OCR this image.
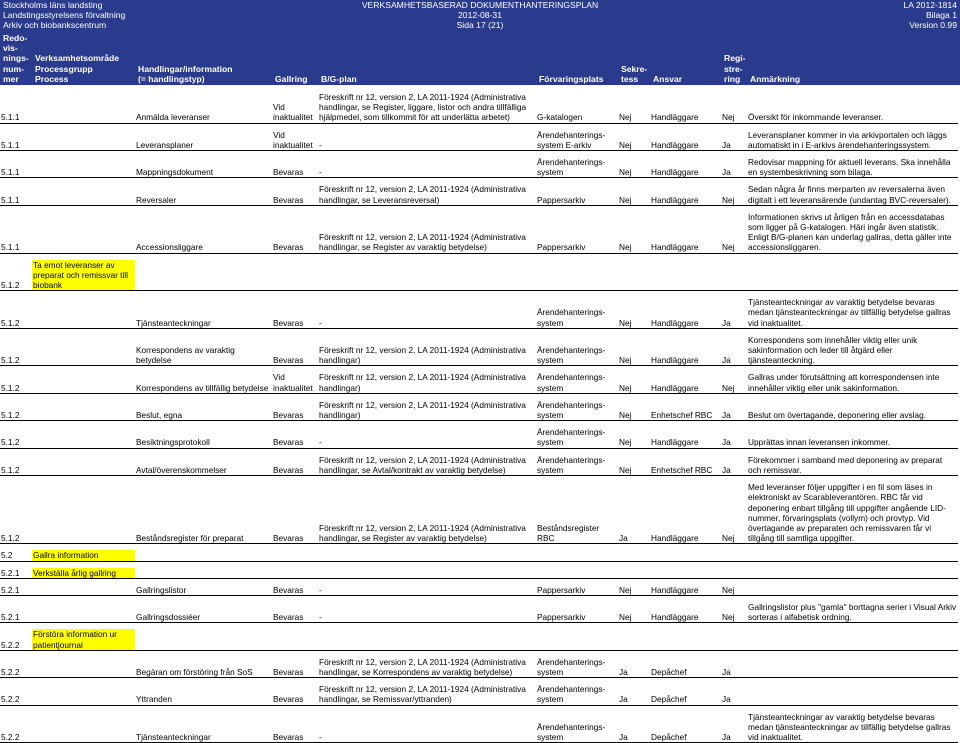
Stockholms läns landsting
Landstingsstyrelsens förvaltning
Arkiv och biobankscentrum
VERKSAMHETSBASERAD DOKUMENTHANTERINGSPLAN
2012-08-31
Sida 17 (21)
LA 2012-1814
Bilaga 1
Version 0.99
Redo-
vis-
nings-
num-
mer
Verksamhetsområde
Processgrupp
Process
Handlingar/information
(= handlingstyp)	Gallring B/G-plan	Förvaringsplats
Sekre-
tess	Ansvar
Regi-
stre-
ring	Anmärkning
5.1.1		Anmälda leveranser	Vid inaktualitet	Föreskrift nr 12, version 2, LA 2011-1924 (Administrativa handlingar, se Register, liggare, listor och andra tillfälliga hjälpmedel, som tillkommit för att underlätta arbetet)	G-katalogen	Nej	Handläggare	Nej	Översikt för inkommande leveranser.

5.1.1		Leveransplaner	Vid inaktualitet	-	Ärendehanterings-system E-arkiv	Nej	Handläggare	Ja	Leveransplaner kommer in via arkivportalen och läggs automatiskt in i E-arkivs ärendehanteringssystem.

5.1.1		Mappningsdokument	Bevaras	-	Ärendehanterings-system	Nej	Handläggare	Ja	Redovisar mappning för aktuell leverans. Ska innehålla en systembeskrivning som bilaga.

5.1.1		Reversaler	Bevaras	Föreskrift nr 12, version 2, LA 2011-1924 (Administrativa handlingar, se Leveransreversal)	Pappersarkiv	Nej	Handläggare	Nej	Sedan några år finns merparten av reversalerna även digitalt i ett leveransärende (undantag BVC-reversaler).

5.1.1		Accessionsliggare	Bevaras	Föreskrift nr 12, version 2, LA 2011-1924 (Administrativa handlingar, se Register av varaktig betydelse)	Pappersarkiv	Nej	Handläggare	Nej	Informationen skrivs ut årligen från en accessdatabas som ligger på G-katalogen. Häri ingår även statistik. Enligt B/G-planen kan underlag gallras, detta gäller inte accessionsliggaren.

5.1.2	Ta emot leveranser av preparat och remissvar till biobank								

5.1.2		Tjänsteanteckningar	Bevaras	-	Ärendehanterings-system	Nej	Handläggare	Ja	Tjänsteanteckningar av varaktig betydelse bevaras medan tjänsteanteckningar av tillfällig betydelse gallras vid inaktualitet.

5.1.2		Korrespondens av varaktig betydelse	Bevaras	Föreskrift nr 12, version 2, LA 2011-1924 (Administrativa handlingar)	Ärendehanterings-system	Nej	Handläggare	Ja	Korrespondens som innehåller viktig eller unik sakinformation och leder till åtgärd eller tjänsteanteckning.

5.1.2		Korrespondens av tillfällig betydelse	Vid inaktualitet	Föreskrift nr 12, version 2, LA 2011-1924 (Administrativa handlingar)	Ärendehanterings-system	Nej	Handläggare	Nej	Gallras under förutsättning att korrespondensen inte innehåller viktig eller unik sakinformation.

5.1.2		Beslut, egna	Bevaras	Föreskrift nr 12, version 2, LA 2011-1924 (Administrativa handlingar)	Ärendehanterings-system	Nej	Enhetschef RBC	Ja	Beslut om övertagande, deponering eller avslag.

5.1.2		Besiktningsprotokoll	Bevaras	-	Ärendehanterings-system	Nej	Handläggare	Ja	Upprättas innan leveransen inkommer.

5.1.2		Avtal/överenskommelser	Bevaras	Föreskrift nr 12, version 2, LA 2011-1924 (Administrativa handlingar, se Avtal/kontrakt av varaktig betydelse)	Ärendehanterings-system	Nej	Enhetschef RBC	Ja	Förekommer i samband med deponering av preparat och remissvar.

5.1.2		Beståndsregister för preparat	Bevaras	Föreskrift nr 12, version 2, LA 2011-1924 (Administrativa handlingar, se Register av varaktig betydelse)	Beståndsregister RBC	Ja	Handläggare	Nej	Med leveranser följer uppgifter i en fil som läses in elektroniskt av Scarableverantören. RBC får vid deponering enbart tillgång till uppgifter angående LID-nummer, förvaringsplats (vollym) och provtyp. Vid övertagande av preparaten och remissvaren får vi tillgång till samtliga uppgifter.

5.2	Gallra information								

5.2.1	Verkställa årlig gallring								

5.2.1		Gallringslistor	Bevaras	-	Pappersarkiv	Nej	Handläggare	Nej	

5.2.1		Gallringsdossiéer	Bevaras	-	Pappersarkiv	Nej	Handläggare	Nej	Gallringslistor plus "gamla" borttagna serier i Visual Arkiv sorteras i alfabetisk ordning.

5.2.2	Förstöra information ur patientjournal								

5.2.2		Begäran om förstöring från SoS	Bevaras	Föreskrift nr 12, version 2, LA 2011-1924 (Administrativa handlingar, se Korrespondens av varaktig betydelse)	Ärendehanterings-system	Ja	Depåchef	Ja	

5.2.2		Yttranden	Bevaras	Föreskrift nr 12, version 2, LA 2011-1924 (Administrativa handlingar, se Remissvar/yttranden)	Ärendehanterings-system	Ja	Depåchef	Ja	

5.2.2		Tjänsteanteckningar	Bevaras	-	Ärendehanterings-system	Ja	Depåchef	Ja	Tjänsteanteckningar av varaktig betydelse bevaras medan tjänsteanteckningar av tillfällig betydelse gallras vid inaktualitet.
